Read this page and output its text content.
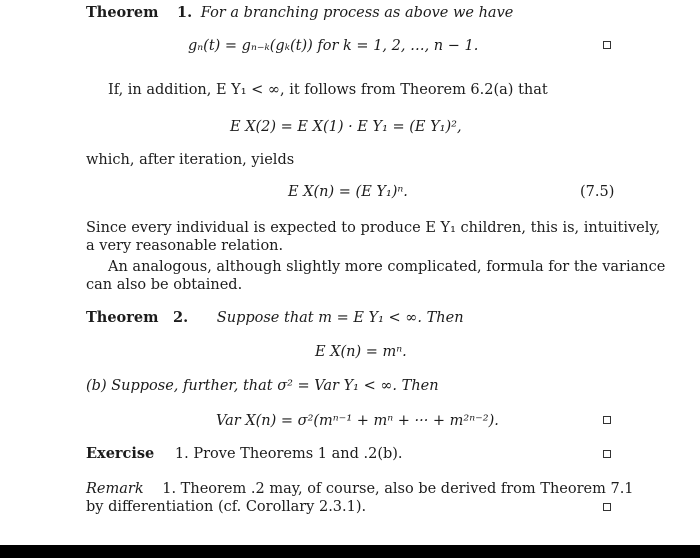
Theorem 1. For a branching process as above we have
gₙ(t) = gₙ₋ₖ(gₖ(t)) for k = 1, 2, …, n − 1.
If, in addition, E Y₁ < ∞, it follows from Theorem 6.2(a) that
E X(2) = E X(1) · E Y₁ = (E Y₁)²,
which, after iteration, yields
E X(n) = (E Y₁)ⁿ.	(7.5)
Since every individual is expected to produce E Y₁ children, this is, intuitively,
a very reasonable relation.
An analogous, although slightly more complicated, formula for the variance
can also be obtained.
Theorem 2. Suppose that m = E Y₁ < ∞. Then
E X(n) = mⁿ.
(b) Suppose, further, that σ² = Var Y₁ < ∞. Then
Var X(n) = σ²(mⁿ⁻¹ + mⁿ + ··· + m²ⁿ⁻²).
Exercise 1. Prove Theorems 1 and .2(b).
Remark 1. Theorem .2 may, of course, also be derived from Theorem 7.1
by differentiation (cf. Corollary 2.3.1).
